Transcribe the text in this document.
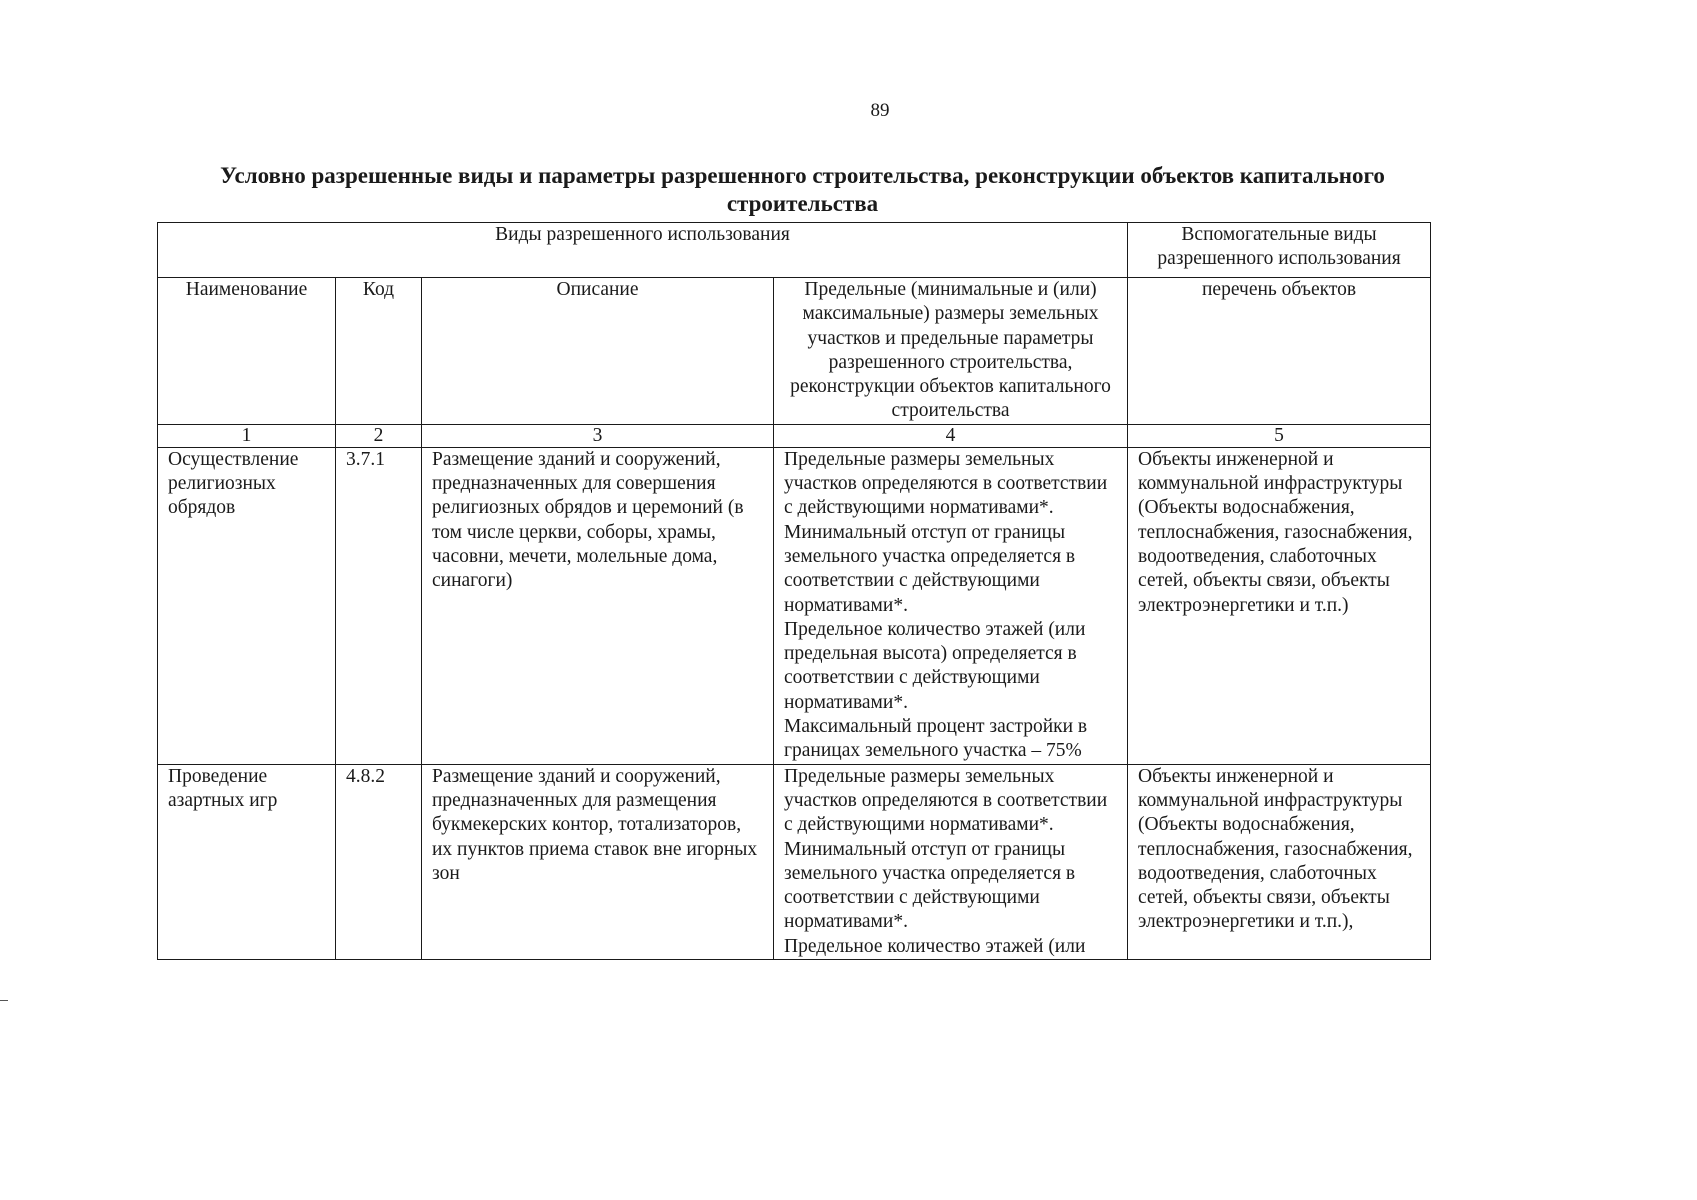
89
Условно разрешенные виды и параметры разрешенного строительства, реконструкции объектов капитального строительства
Виды разрешенного использования				Вспомогательные виды разрешенного использования
Наименование	Код	Описание	Предельные (минимальные и (или) максимальные) размеры земельных участков и предельные параметры разрешенного строительства, реконструкции объектов капитального строительства	перечень объектов
1	2	3	4	5
Осуществление религиозных обрядов	3.7.1	Размещение зданий и сооружений, предназначенных для совершения религиозных обрядов и церемоний (в том числе церкви, соборы, храмы, часовни, мечети, молельные дома, синагоги)	Предельные размеры земельных участков определяются в соответствии с действующими нормативами*.
Минимальный отступ от границы земельного участка определяется в соответствии с действующими нормативами*.
Предельное количество этажей (или предельная высота) определяется в соответствии с действующими нормативами*.
Максимальный процент застройки в границах земельного участка – 75%	Объекты инженерной и коммунальной инфраструктуры (Объекты водоснабжения, теплоснабжения, газоснабжения, водоотведения, слаботочных сетей, объекты связи, объекты электроэнергетики и т.п.)
Проведение азартных игр	4.8.2	Размещение зданий и сооружений, предназначенных для размещения букмекерских контор, тотализаторов, их пунктов приема ставок вне игорных зон	Предельные размеры земельных участков определяются в соответствии с действующими нормативами*.
Минимальный отступ от границы земельного участка определяется в соответствии с действующими нормативами*.
Предельное количество этажей (или	Объекты инженерной и коммунальной инфраструктуры (Объекты водоснабжения, теплоснабжения, газоснабжения, водоотведения, слаботочных сетей, объекты связи, объекты электроэнергетики и т.п.),
